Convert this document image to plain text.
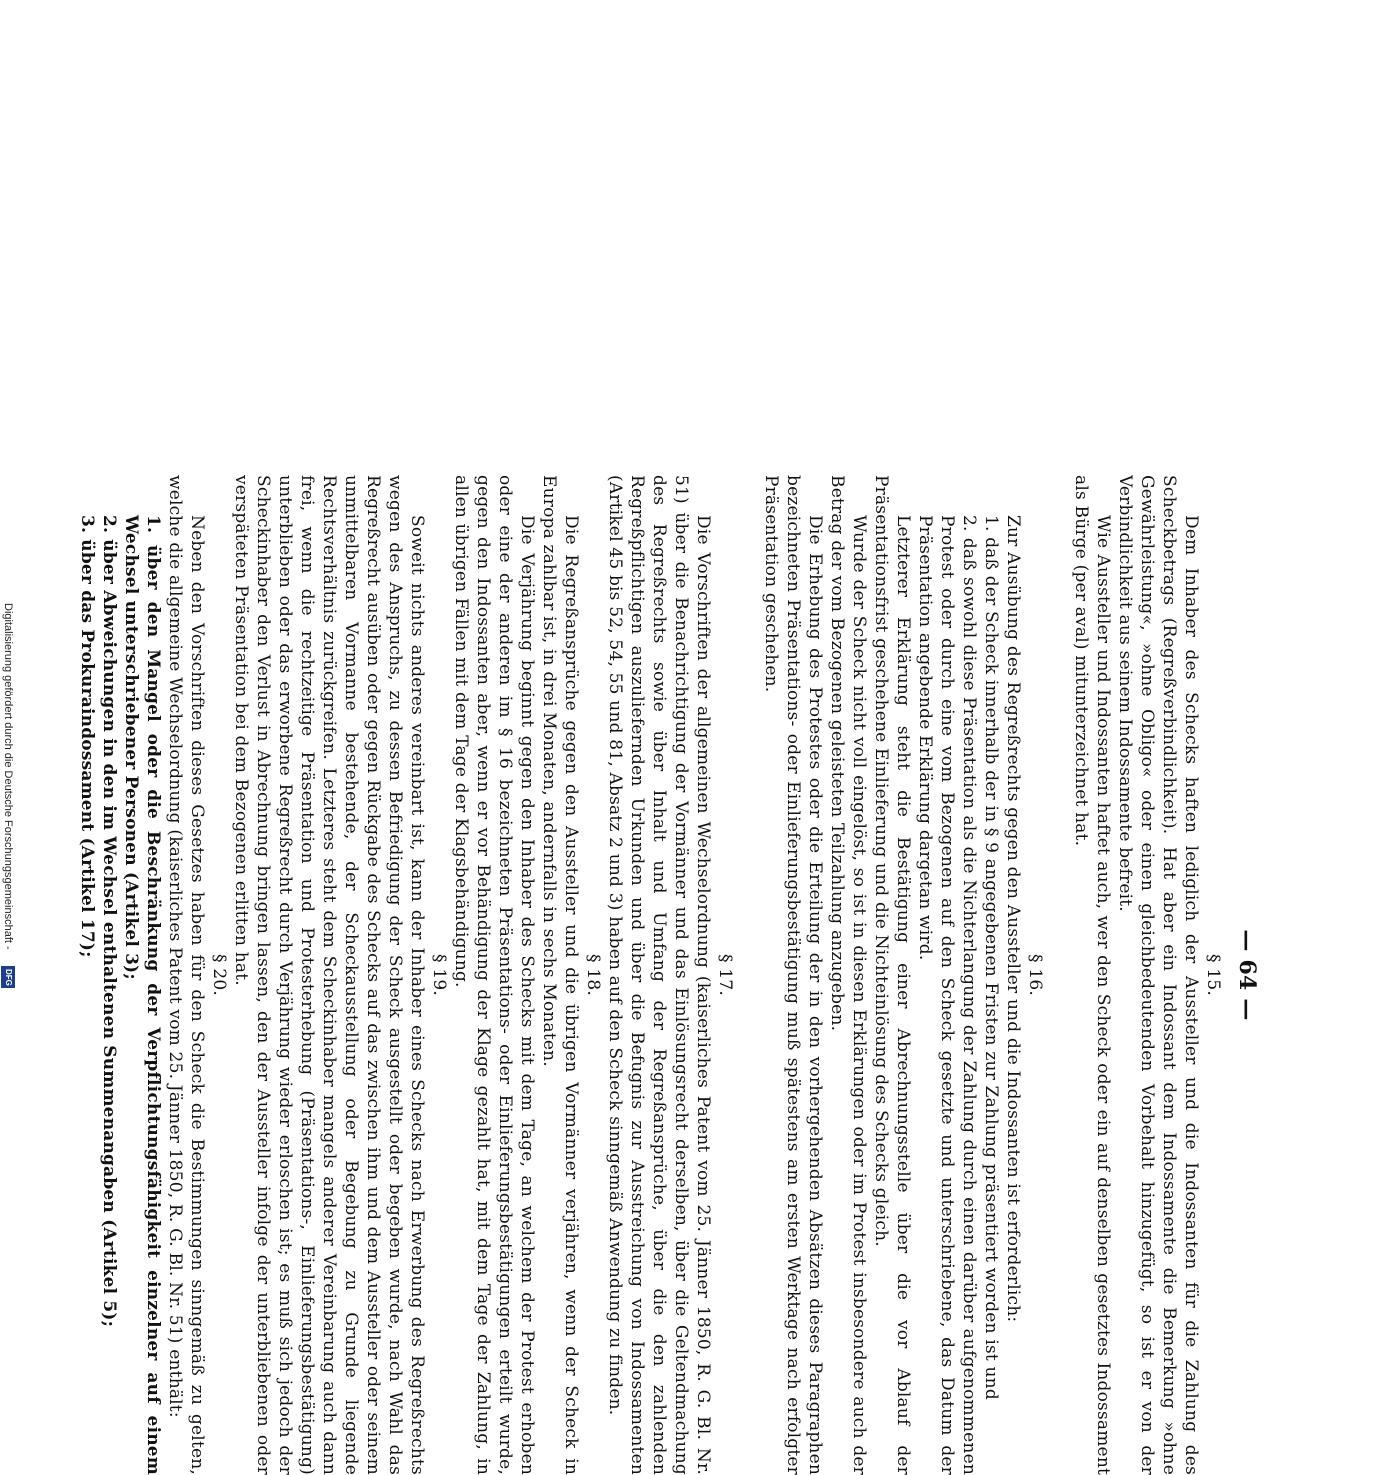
Digitalisierung gefördert durch die Deutsche Forschungsgemeinschaft -
DFG	— 64 —

§ 15.

Dem Inhaber des Schecks haften lediglich der Aussteller und die Indossanten für die Zahlung des Scheckbetrags (Regreßverbindlichkeit). Hat aber ein Indossant dem Indossamente die Bemerkung »ohne Gewährleistung«, »ohne Obligo« oder einen gleichbedeutenden Vorbehalt hinzugefügt, so ist er von der Verbindlichkeit aus seinem Indossamente befreit.

Wie Aussteller und Indossanten haftet auch, wer den Scheck oder ein auf denselben gesetztes Indossament als Bürge (per aval) mitunterzeichnet hat.

§ 16.

Zur Ausübung des Regreßrechts gegen den Aussteller und die Indossanten ist erforderlich:

1. daß der Scheck innerhalb der in § 9 angegebenen Fristen zur Zahlung präsentiert worden ist und

2. daß sowohl diese Präsentation als die Nichterlangung der Zahlung durch einen darüber aufgenommenen Protest oder durch eine vom Bezogenen auf den Scheck gesetzte und unterschriebene, das Datum der Präsentation angebende Erklärung dargetan wird.

Letzterer Erklärung steht die Bestätigung einer Abrechnungsstelle über die vor Ablauf der Präsentationsfrist geschehene Einlieferung und die Nichteinlösung des Schecks gleich.

Wurde der Scheck nicht voll eingelöst, so ist in diesen Erklärungen oder im Protest insbesondere auch der Betrag der vom Bezogenen geleisteten Teilzahlung anzugeben.

Die Erhebung des Protestes oder die Erteilung der in den vorhergehenden Absätzen dieses Paragraphen bezeichneten Präsentations- oder Einlieferungsbestätigung muß spätestens am ersten Werktage nach erfolgter Präsentation geschehen.

§ 17.

Die Vorschriften der allgemeinen Wechselordnung (kaiserliches Patent vom 25. Jänner 1850, R. G. Bl. Nr. 51) über die Benachrichtigung der Vormänner und das Einlösungsrecht derselben, über die Geltendmachung des Regreßrechts sowie über Inhalt und Umfang der Regreßansprüche, über die den zahlenden Regreßpflichtigen auszuliefernden Urkunden und über die Befugnis zur Ausstreichung von Indossamenten (Artikel 45 bis 52, 54, 55 und 81, Absatz 2 und 3) haben auf den Scheck sinngemäß Anwendung zu finden.

§ 18.

Die Regreßansprüche gegen den Aussteller und die übrigen Vormänner verjähren, wenn der Scheck in Europa zahlbar ist, in drei Monaten, andernfalls in sechs Monaten.

Die Verjährung beginnt gegen den Inhaber des Schecks mit dem Tage, an welchem der Protest erhoben oder eine der anderen im § 16 bezeichneten Präsentations- oder Einlieferungsbestätigungen erteilt wurde, gegen den Indossanten aber, wenn er vor Behändigung der Klage gezahlt hat, mit dem Tage der Zahlung, in allen übrigen Fällen mit dem Tage der Klagsbehändigung.

§ 19.

Soweit nichts anderes vereinbart ist, kann der Inhaber eines Schecks nach Erwerbung des Regreßrechts wegen des Anspruchs, zu dessen Befriedigung der Scheck ausgestellt oder begeben wurde, nach Wahl das Regreßrecht ausüben oder gegen Rückgabe des Schecks auf das zwischen ihm und dem Aussteller oder seinem unmittelbaren Vormanne bestehende, der Scheckausstellung oder Begebung zu Grunde liegende Rechtsverhältnis zurückgreifen. Letzteres steht dem Scheckinhaber mangels anderer Vereinbarung auch dann frei, wenn die rechtzeitige Präsentation und Protesterhebung (Präsentations-, Einlieferungsbestätigung) unterblieben oder das erworbene Regreßrecht durch Verjährung wieder erloschen ist; es muß sich jedoch der Scheckinhaber den Verlust in Abrechnung bringen lassen, den der Aussteller infolge der unterbliebenen oder verspäteten Präsentation bei dem Bezogenen erlitten hat.

§ 20.

Neben den Vorschriften dieses Gesetzes haben für den Scheck die Bestimmungen sinngemäß zu gelten, welche die allgemeine Wechselordnung (kaiserliches Patent vom 25. Jänner 1850, R. G. Bl. Nr. 51) enthält:

1. über den Mangel oder die Beschränkung der Verpflichtungsfähigkeit einzelner auf einem Wechsel unterschriebener Personen (Artikel 3);

2. über Abweichungen in den im Wechsel enthaltenen Summenangaben (Artikel 5);

3. über das Prokuraindossament (Artikel 17);
